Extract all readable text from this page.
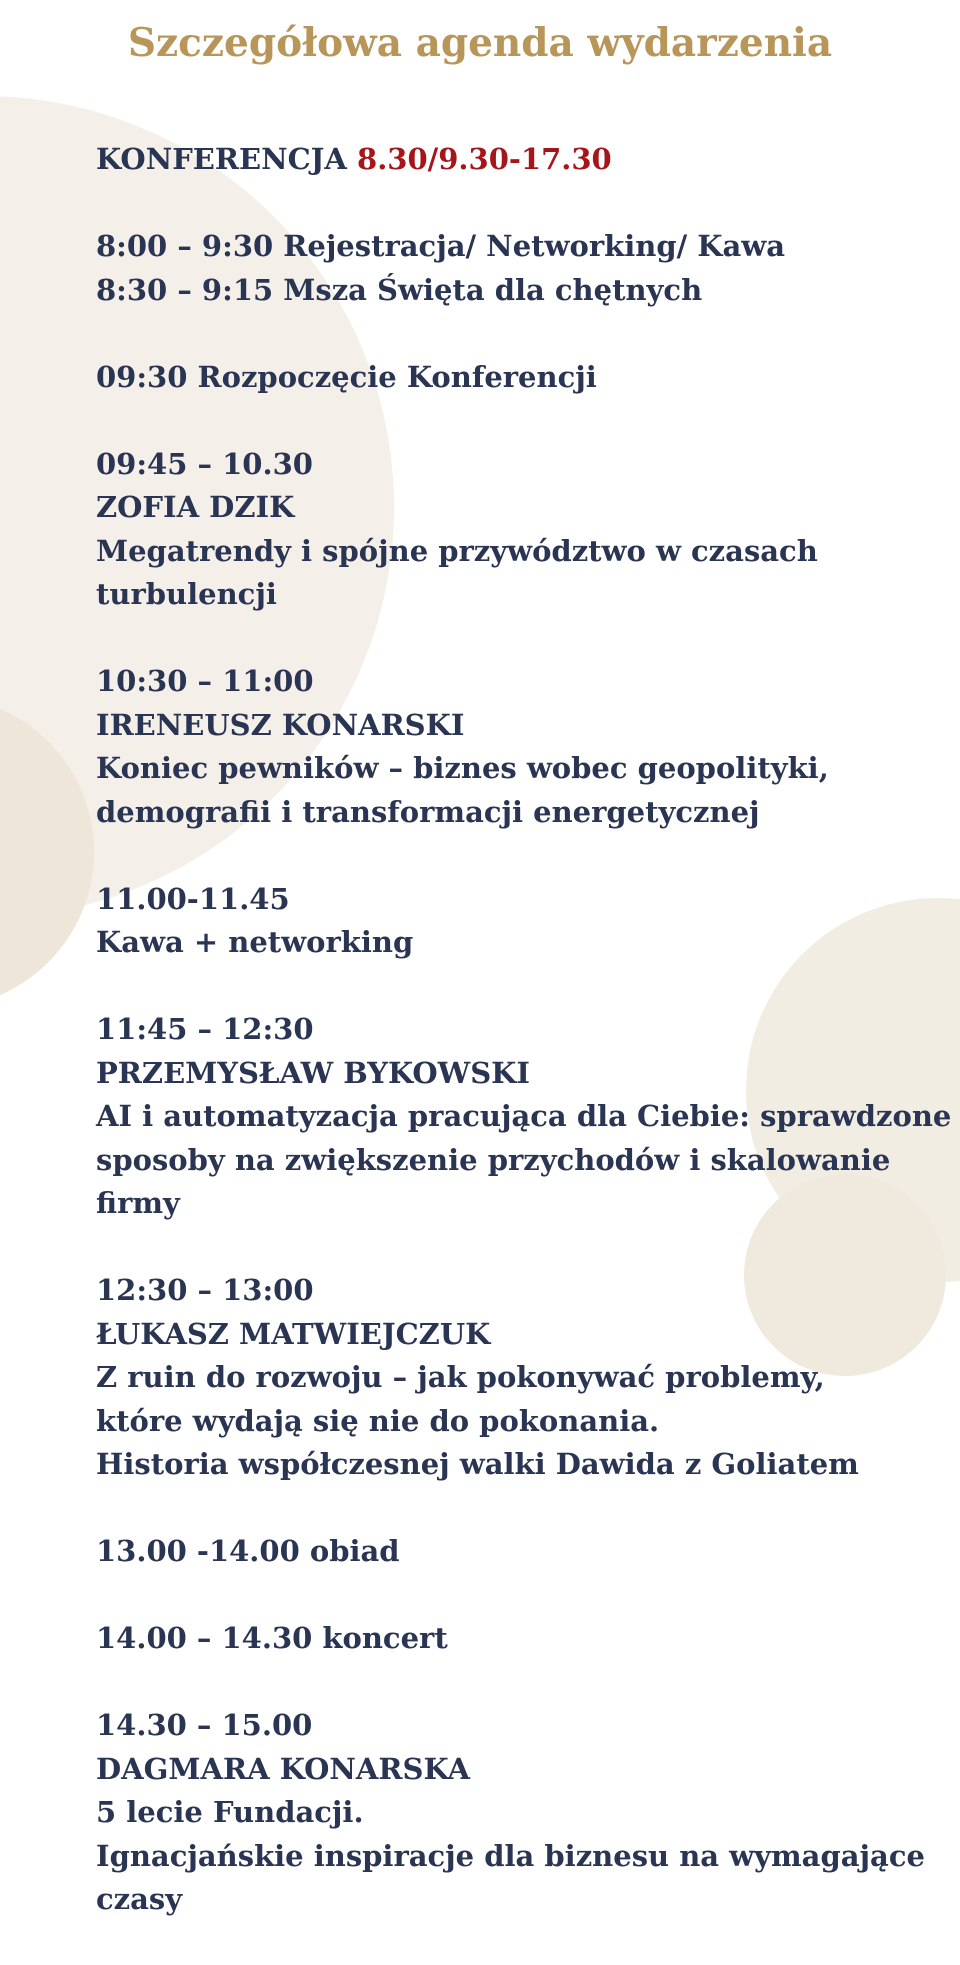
Szczegółowa agenda wydarzenia

KONFERENCJA 8.30/9.30-17.30

8:00 – 9:30 Rejestracja/ Networking/ Kawa
8:30 – 9:15 Msza Święta dla chętnych

09:30 Rozpoczęcie Konferencji

09:45 – 10.30
ZOFIA DZIK
Megatrendy i spójne przywództwo w czasach
turbulencji

10:30 – 11:00
IRENEUSZ KONARSKI
Koniec pewników – biznes wobec geopolityki,
demografii i transformacji energetycznej

11.00-11.45
Kawa + networking

11:45 – 12:30
PRZEMYSŁAW BYKOWSKI
AI i automatyzacja pracująca dla Ciebie: sprawdzone
sposoby na zwiększenie przychodów i skalowanie
firmy

12:30 – 13:00
ŁUKASZ MATWIEJCZUK
Z ruin do rozwoju – jak pokonywać problemy,
które wydają się nie do pokonania.
Historia współczesnej walki Dawida z Goliatem

13.00 -14.00 obiad

14.00 – 14.30 koncert

14.30 – 15.00
DAGMARA KONARSKA
5 lecie Fundacji.
Ignacjańskie inspiracje dla biznesu na wymagające
czasy
